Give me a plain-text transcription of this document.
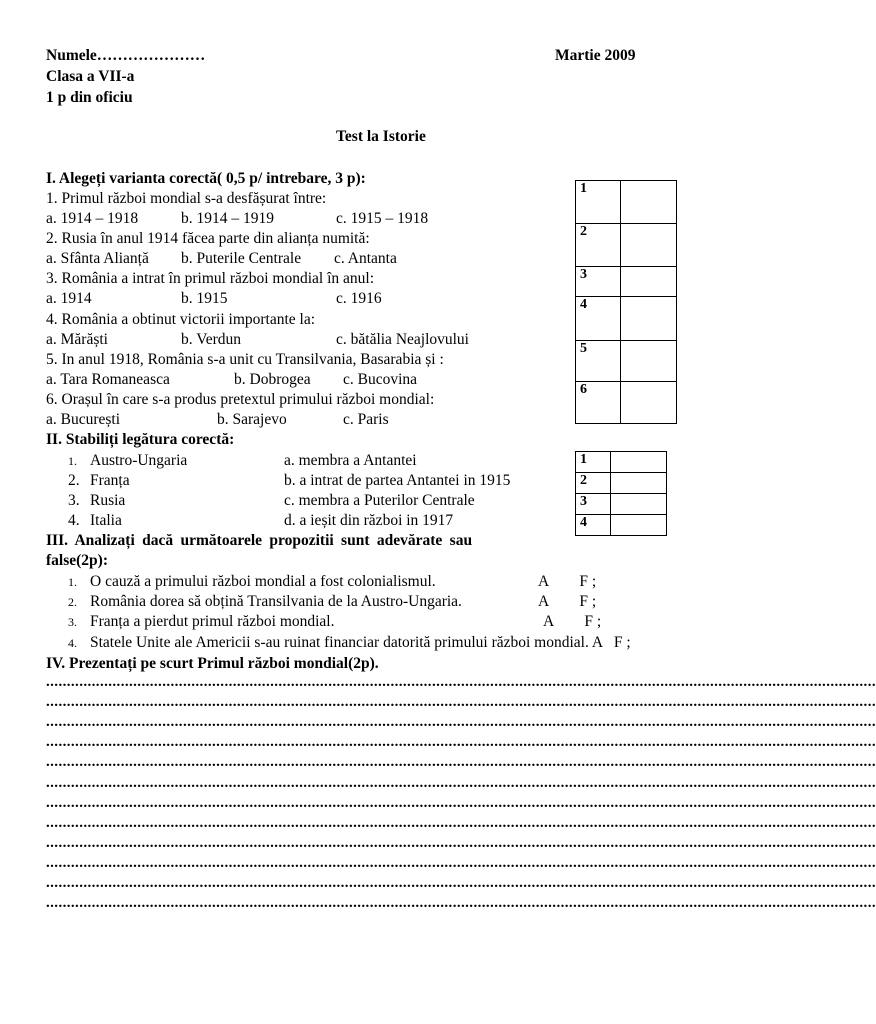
Numele…………………	Martie 2009
Clasa a VII-a
1 p din oficiu
Test la Istorie
I. Alegeți varianta corectă( 0,5 p/ intrebare, 3 p):
1. Primul război mondial s-a desfășurat între:
a. 1914 – 1918	b. 1914 – 1919	c. 1915 – 1918
2. Rusia în anul 1914 făcea parte din alianța numită:
a. Sfânta Alianță b. Puterile Centrale c. Antanta
3. România a intrat în primul război mondial în anul:
a. 1914	b. 1915	c. 1916
4. România a obtinut victorii importante la:
a. Mărăști	b. Verdun	c. bătălia Neajlovului
5. In anul 1918, România s-a unit cu Transilvania, Basarabia și :
a. Tara Romaneasca	b. Dobrogea c. Bucovina
6. Orașul în care s-a produs pretextul primului război mondial:
a. București	b. Sarajevo	c. Paris
1	
2	
3	
4	
5	
6	
II. Stabiliți legătura corectă:
1. Austro-Ungaria	a. membra a Antantei
2. Franța	b. a intrat de partea Antantei in 1915
3. Rusia	c. membra a Puterilor Centrale
4. Italia	d. a ieșit din război in 1917
1	
2	
3	
4	
III. Analizați dacă următoarele propozitii sunt adevărate sau
false(2p):
1. O cauză a primului război mondial a fost colonialismul.	A        F ;
2. România dorea să obțină Transilvania de la Austro-Ungaria.	A        F ;
3. Franța a pierdut primul război mondial.	A        F ;
4. Statele Unite ale Americii s-au ruinat financiar datorită primului război mondial. A   F ;
IV. Prezentați pe scurt Primul război mondial(2p).
........................................................................................................................................................................................................
........................................................................................................................................................................................................
........................................................................................................................................................................................................
........................................................................................................................................................................................................
........................................................................................................................................................................................................
........................................................................................................................................................................................................
........................................................................................................................................................................................................
........................................................................................................................................................................................................
........................................................................................................................................................................................................
........................................................................................................................................................................................................
........................................................................................................................................................................................................
........................................................................................................................................................................................................
